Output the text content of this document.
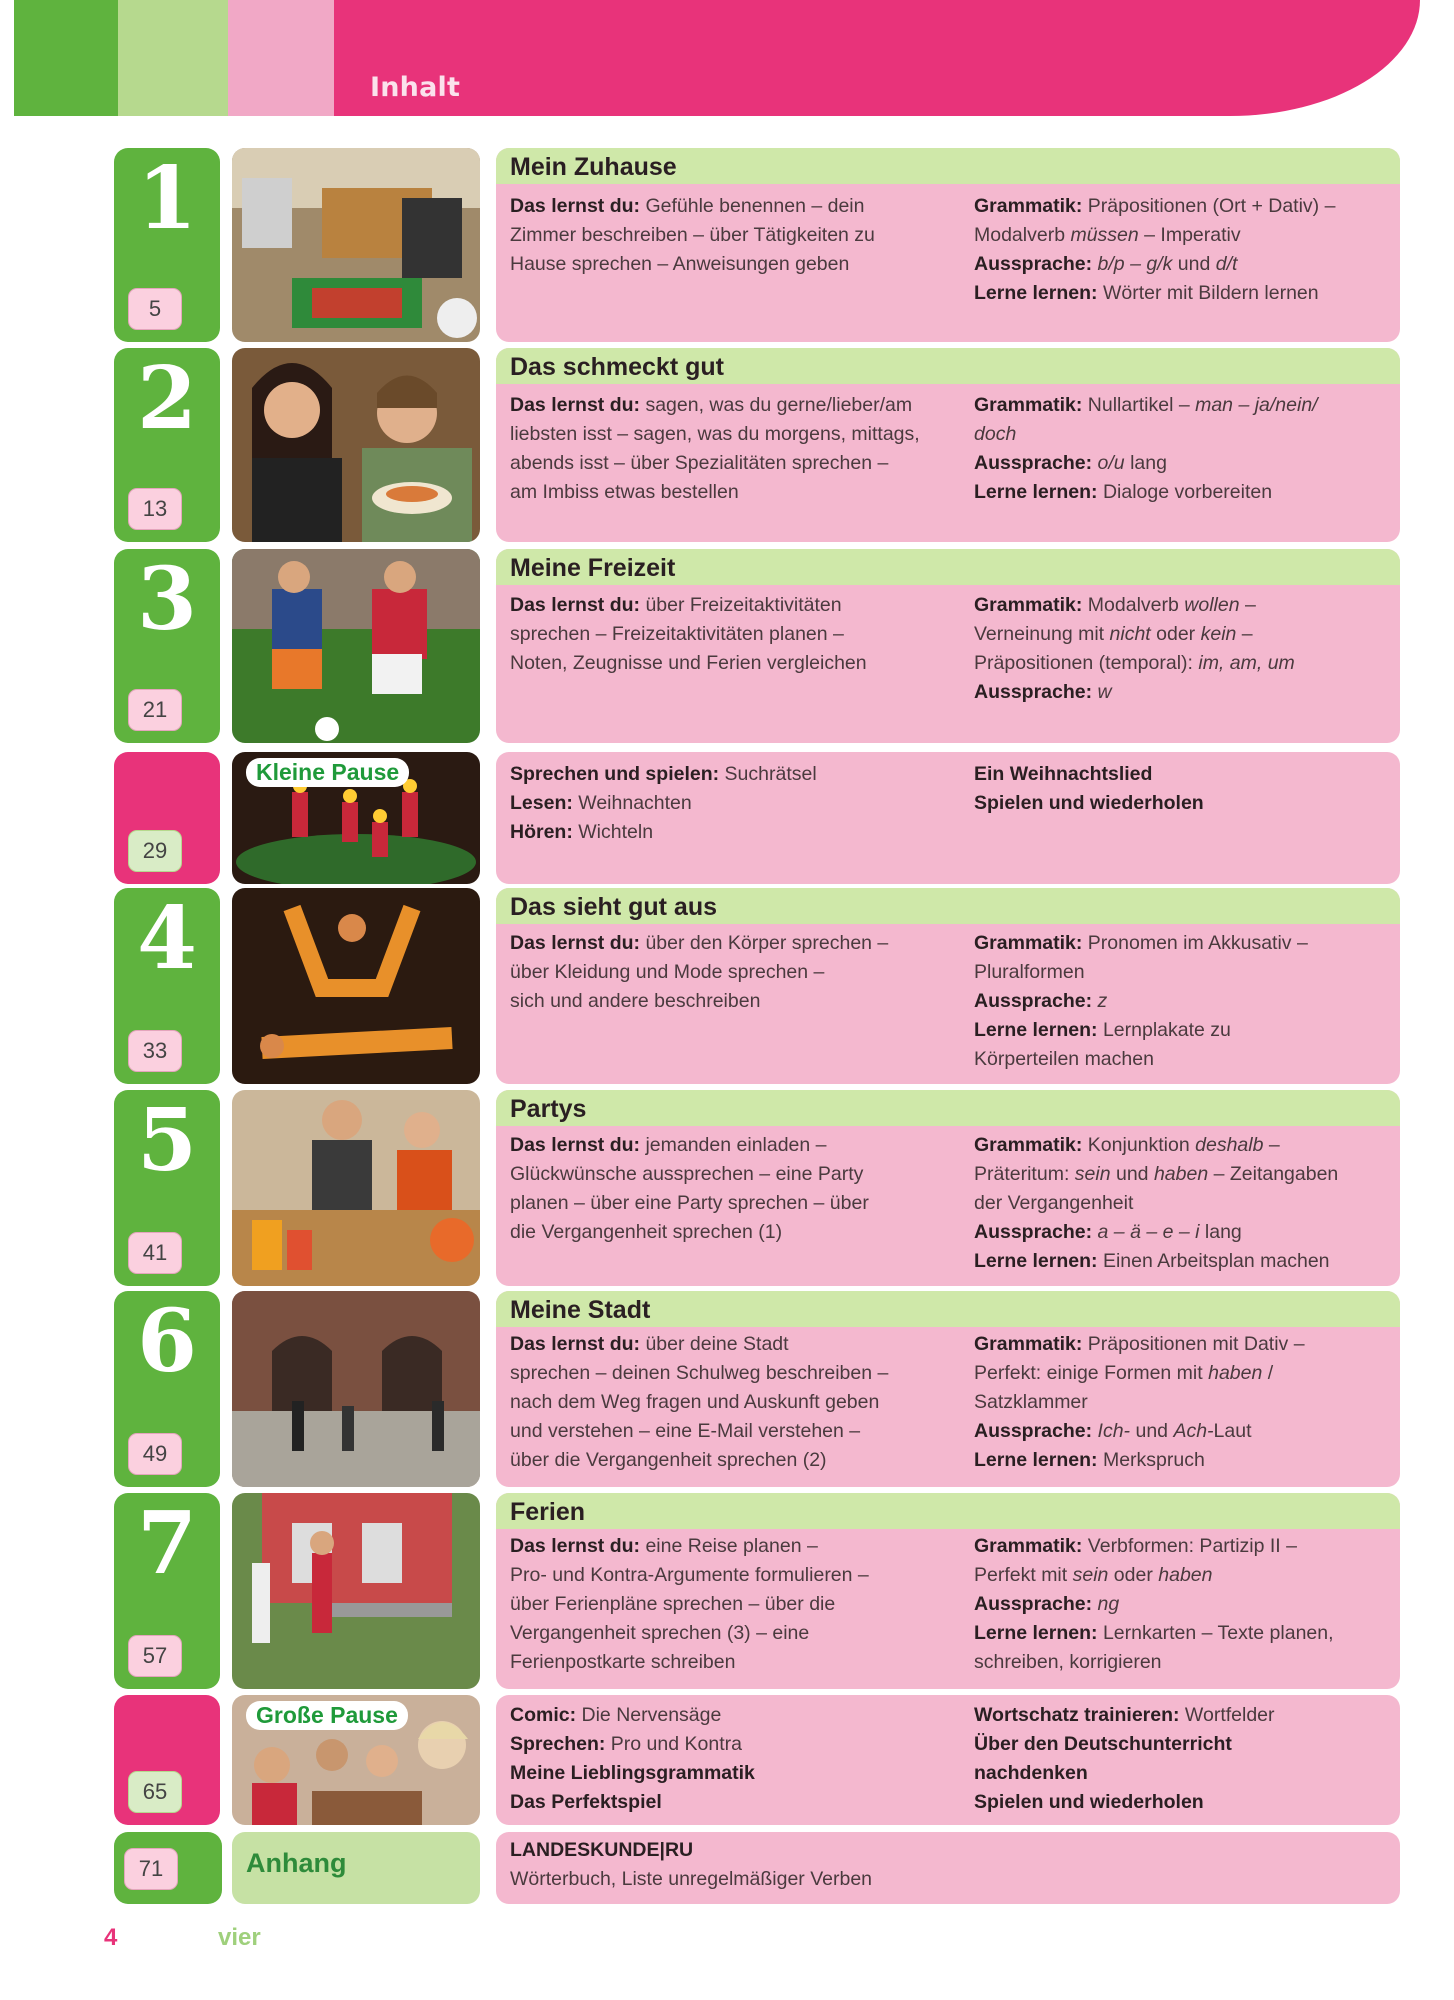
Inhalt
1
5
Mein Zuhause
Das lernst du: Gefühle benennen – dein
Zimmer beschreiben – über Tätigkeiten zu
Hause sprechen – Anweisungen geben
Grammatik: Präpositionen (Ort + Dativ) –
Modalverb müssen – Imperativ
Aussprache: b/p – g/k und d/t
Lerne lernen: Wörter mit Bildern lernen
2
13
Das schmeckt gut
Das lernst du: sagen, was du gerne/lieber/am
liebsten isst – sagen, was du morgens, mittags,
abends isst – über Spezialitäten sprechen –
am Imbiss etwas bestellen
Grammatik: Nullartikel – man – ja/nein/
doch
Aussprache: o/u lang
Lerne lernen: Dialoge vorbereiten
3
21
Meine Freizeit
Das lernst du: über Freizeitaktivitäten
sprechen – Freizeitaktivitäten planen –
Noten, Zeugnisse und Ferien vergleichen
Grammatik: Modalverb wollen –
Verneinung mit nicht oder kein –
Präpositionen (temporal): im, am, um
Aussprache: w
29
Kleine Pause	Sprechen und spielen: Suchrätsel
Lesen: Weihnachten
Hören: Wichteln
Ein Weihnachtslied
Spielen und wiederholen
4
33
Das sieht gut aus
Das lernst du: über den Körper sprechen –
über Kleidung und Mode sprechen –
sich und andere beschreiben
Grammatik: Pronomen im Akkusativ –
Pluralformen
Aussprache: z
Lerne lernen: Lernplakate zu
Körperteilen machen
5
41
Partys
Das lernst du: jemanden einladen –
Glückwünsche aussprechen – eine Party
planen – über eine Party sprechen – über
die Vergangenheit sprechen (1)
Grammatik: Konjunktion deshalb –
Präteritum: sein und haben – Zeitangaben
der Vergangenheit
Aussprache: a – ä – e – i lang
Lerne lernen: Einen Arbeitsplan machen
6
49
Meine Stadt
Das lernst du: über deine Stadt
sprechen – deinen Schulweg beschreiben –
nach dem Weg fragen und Auskunft geben
und verstehen – eine E-Mail verstehen –
über die Vergangenheit sprechen (2)
Grammatik: Präpositionen mit Dativ –
Perfekt: einige Formen mit haben /
Satzklammer
Aussprache: Ich- und Ach-Laut
Lerne lernen: Merkspruch
7
57
Ferien
Das lernst du: eine Reise planen –
Pro- und Kontra-Argumente formulieren –
über Ferienpläne sprechen – über die
Vergangenheit sprechen (3) – eine
Ferienpostkarte schreiben
Grammatik: Verbformen: Partizip II –
Perfekt mit sein oder haben
Aussprache: ng
Lerne lernen: Lernkarten – Texte planen,
schreiben, korrigieren
65
Große Pause	Comic: Die Nervensäge
Sprechen: Pro und Kontra
Meine Lieblingsgrammatik
Das Perfektspiel
Wortschatz trainieren: Wortfelder
Über den Deutschunterricht
nachdenken
Spielen und wiederholen
71	Anhang	LANDESKUNDE|RU
Wörterbuch, Liste unregelmäßiger Verben
4	vier
